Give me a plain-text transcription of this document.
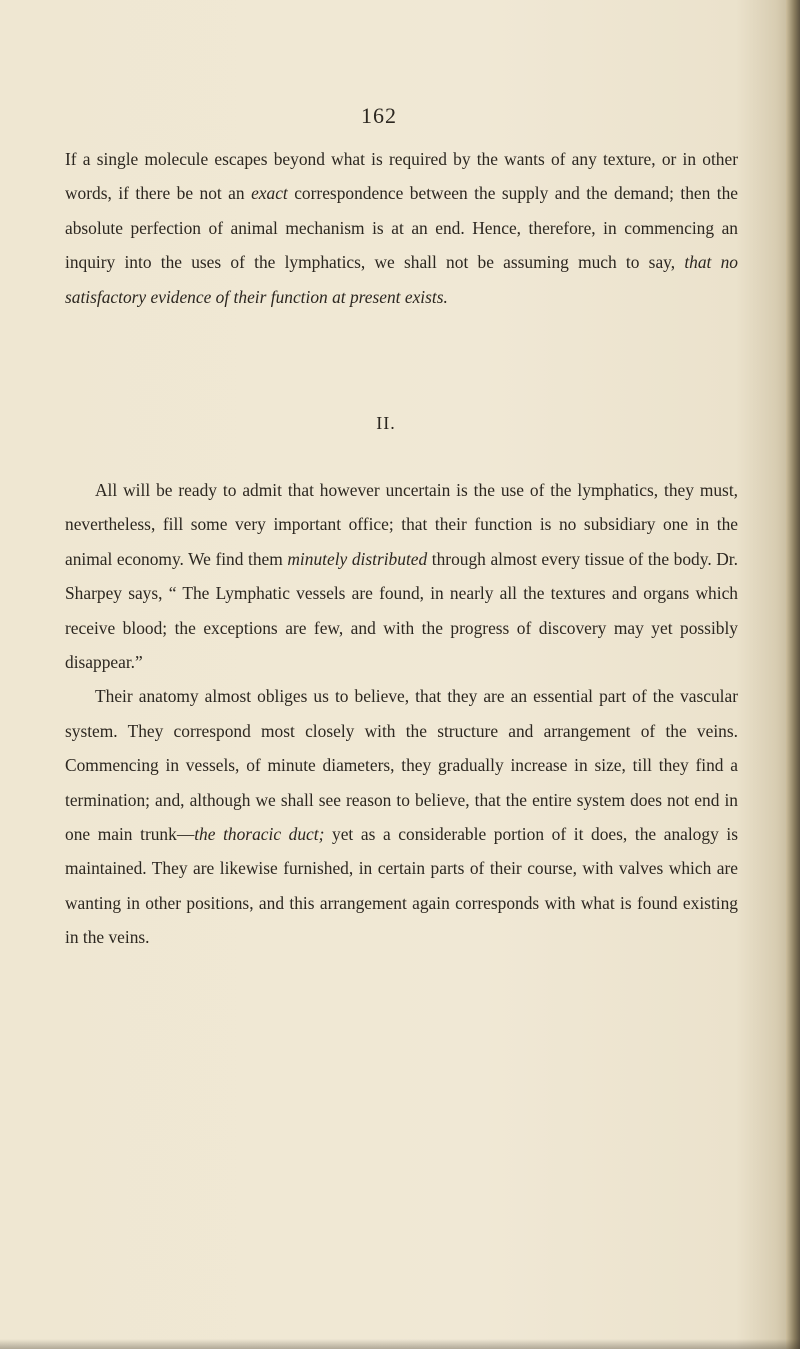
162

If a single molecule escapes beyond what is required by the wants of any texture, or in other words, if there be not an exact correspondence between the supply and the demand; then the absolute perfection of animal mechanism is at an end. Hence, therefore, in commencing an inquiry into the uses of the lymphatics, we shall not be assuming much to say, that no satisfactory evidence of their function at present exists.

II.

All will be ready to admit that however uncertain is the use of the lymphatics, they must, nevertheless, fill some very important office; that their function is no subsidiary one in the animal economy. We find them minutely distributed through almost every tissue of the body. Dr. Sharpey says, “ The Lymphatic vessels are found, in nearly all the textures and organs which receive blood; the exceptions are few, and with the progress of discovery may yet possibly disappear.”

Their anatomy almost obliges us to believe, that they are an essential part of the vascular system. They correspond most closely with the structure and arrangement of the veins. Commencing in vessels, of minute diameters, they gradually increase in size, till they find a termination; and, although we shall see reason to believe, that the entire system does not end in one main trunk—the thoracic duct; yet as a considerable portion of it does, the analogy is maintained. They are likewise furnished, in certain parts of their course, with valves which are wanting in other positions, and this arrangement again corresponds with what is found existing in the veins.
